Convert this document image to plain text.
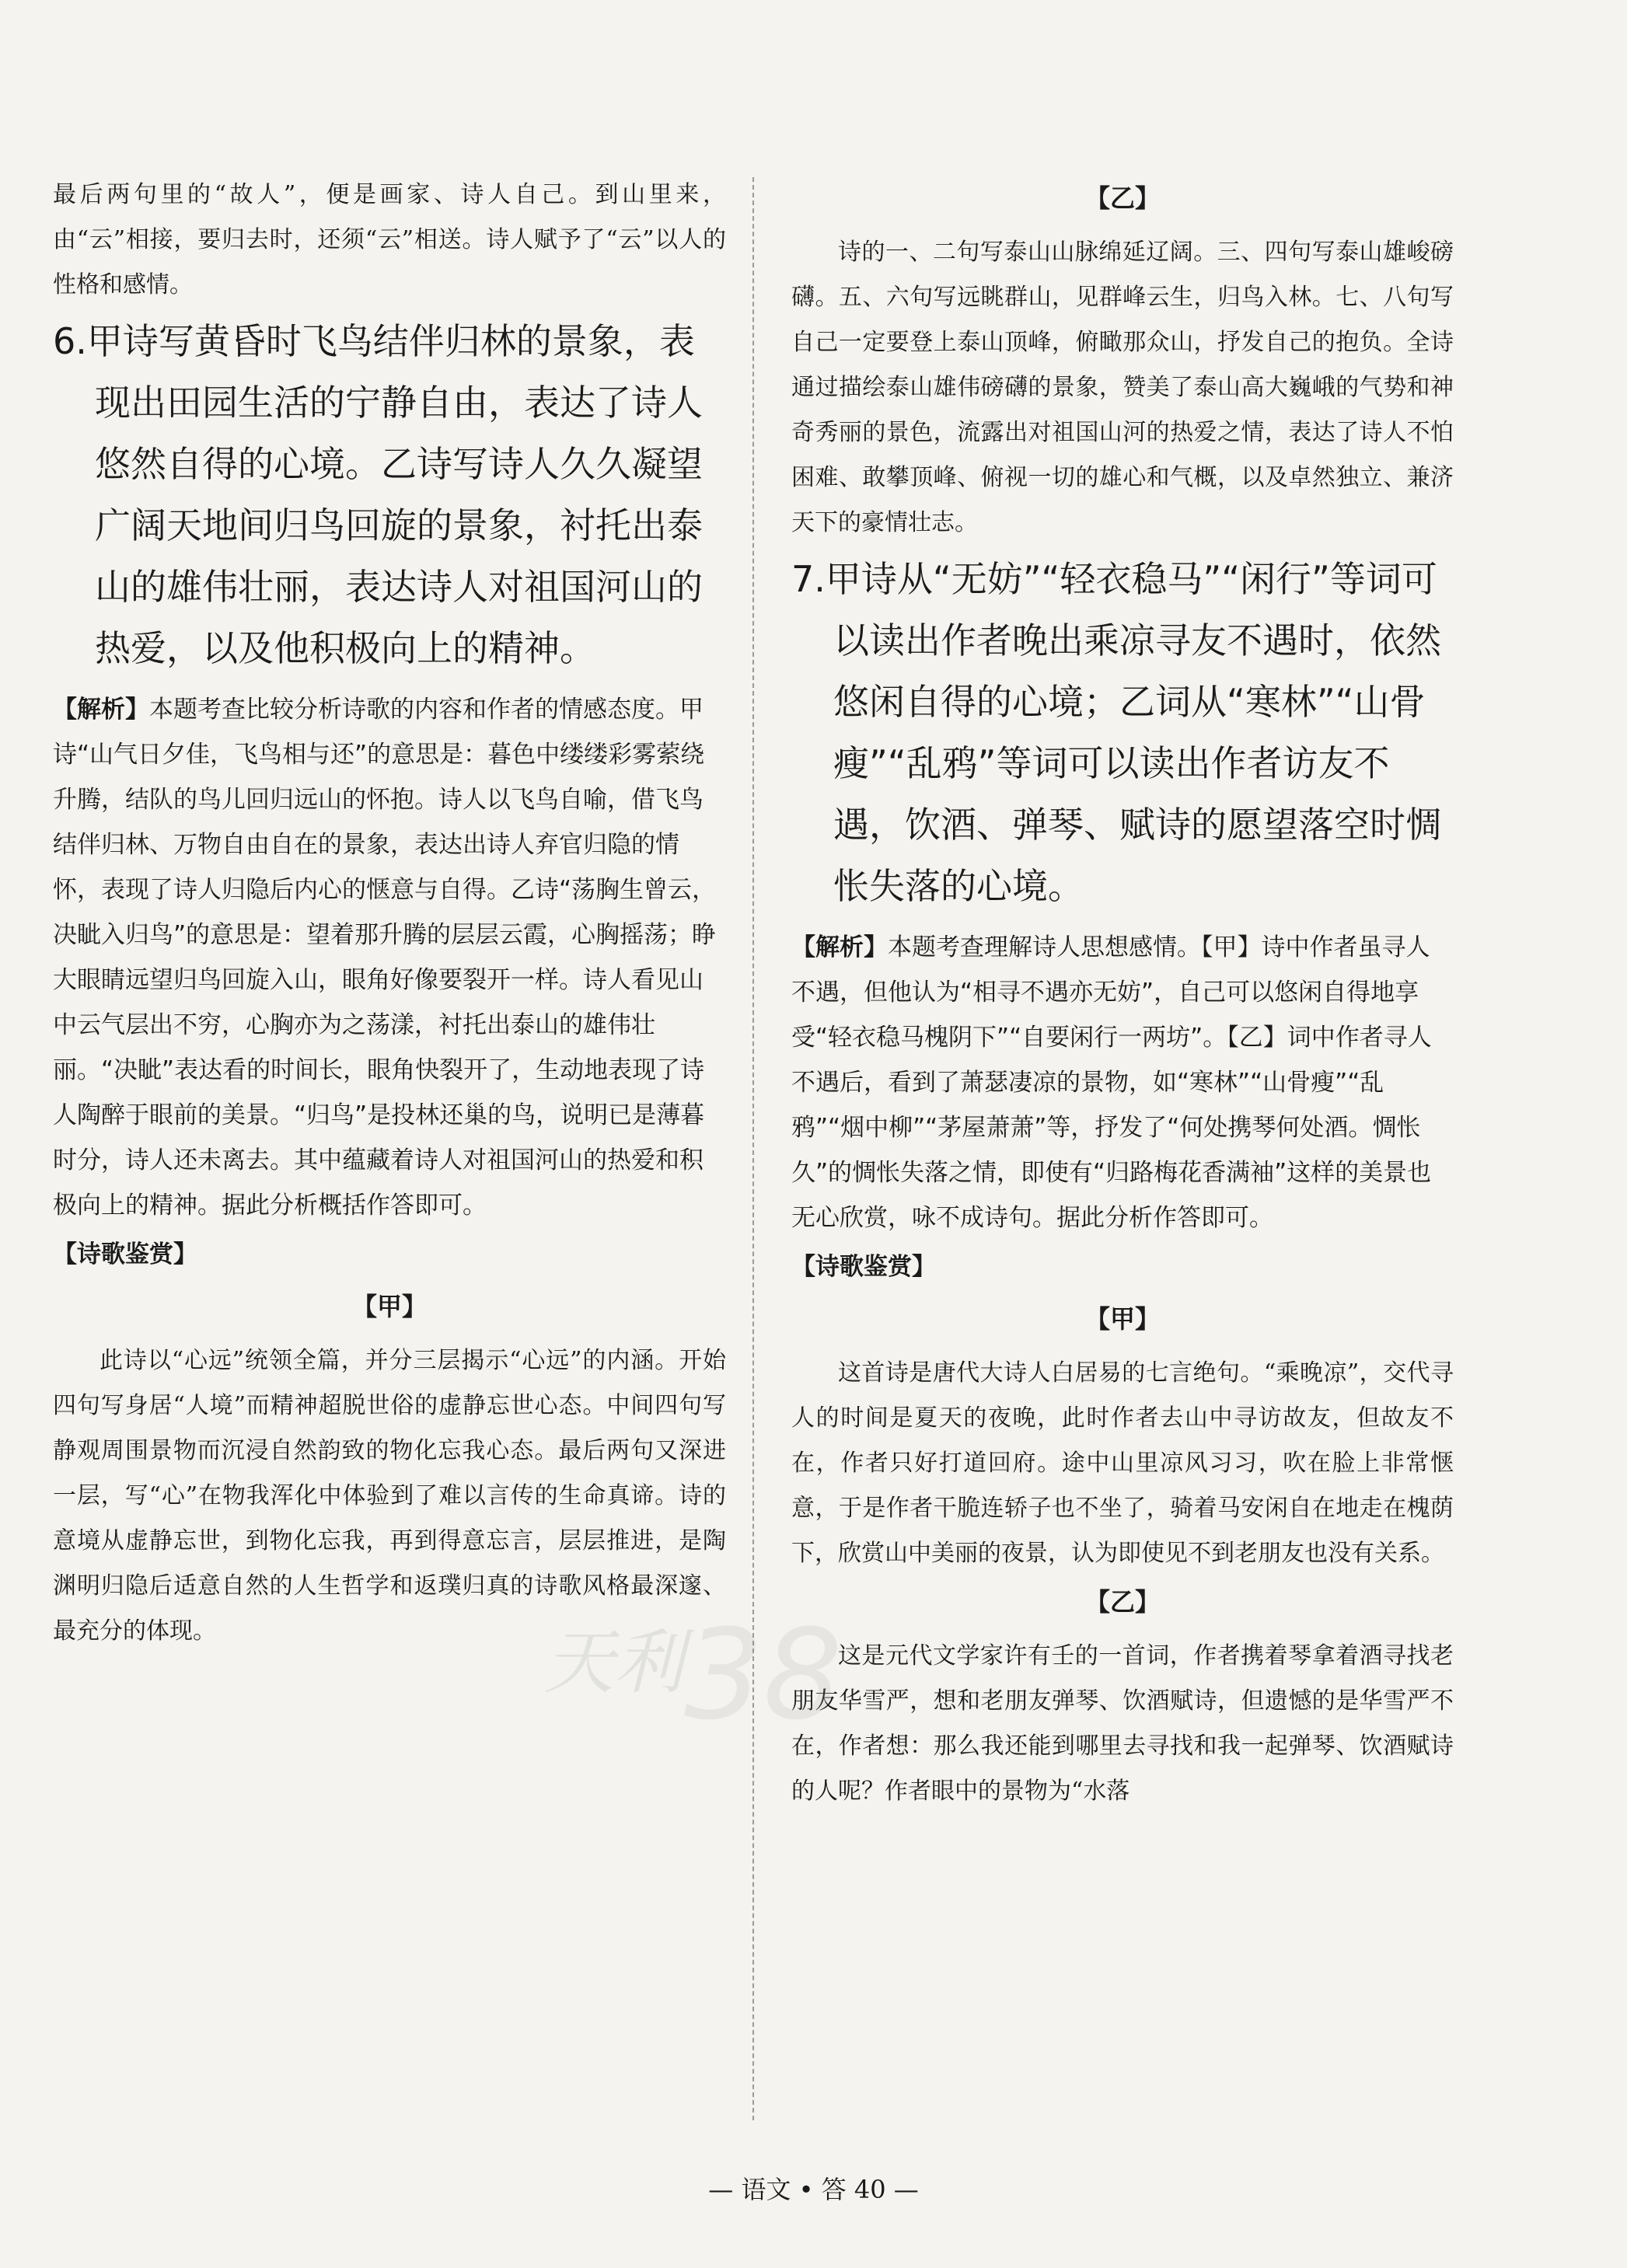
最后两句里的“故人”，便是画家、诗人自己。到山里来，由“云”相接，要归去时，还须“云”相送。诗人赋予了“云”以人的性格和感情。

6.甲诗写黄昏时飞鸟结伴归林的景象，表现出田园生活的宁静自由，表达了诗人悠然自得的心境。乙诗写诗人久久凝望广阔天地间归鸟回旋的景象，衬托出泰山的雄伟壮丽，表达诗人对祖国河山的热爱，以及他积极向上的精神。

【解析】本题考查比较分析诗歌的内容和作者的情感态度。甲诗“山气日夕佳，飞鸟相与还”的意思是：暮色中缕缕彩雾萦绕升腾，结队的鸟儿回归远山的怀抱。诗人以飞鸟自喻，借飞鸟结伴归林、万物自由自在的景象，表达出诗人弃官归隐的情怀，表现了诗人归隐后内心的惬意与自得。乙诗“荡胸生曾云，决眦入归鸟”的意思是：望着那升腾的层层云霞，心胸摇荡；睁大眼睛远望归鸟回旋入山，眼角好像要裂开一样。诗人看见山中云气层出不穷，心胸亦为之荡漾，衬托出泰山的雄伟壮丽。“决眦”表达看的时间长，眼角快裂开了，生动地表现了诗人陶醉于眼前的美景。“归鸟”是投林还巢的鸟，说明已是薄暮时分，诗人还未离去。其中蕴藏着诗人对祖国河山的热爱和积极向上的精神。据此分析概括作答即可。

【诗歌鉴赏】
【甲】

此诗以“心远”统领全篇，并分三层揭示“心远”的内涵。开始四句写身居“人境”而精神超脱世俗的虚静忘世心态。中间四句写静观周围景物而沉浸自然韵致的物化忘我心态。最后两句又深进一层，写“心”在物我浑化中体验到了难以言传的生命真谛。诗的意境从虚静忘世，到物化忘我，再到得意忘言，层层推进，是陶渊明归隐后适意自然的人生哲学和返璞归真的诗歌风格最深邃、最充分的体现。

【乙】

诗的一、二句写泰山山脉绵延辽阔。三、四句写泰山雄峻磅礴。五、六句写远眺群山，见群峰云生，归鸟入林。七、八句写自己一定要登上泰山顶峰，俯瞰那众山，抒发自己的抱负。全诗通过描绘泰山雄伟磅礴的景象，赞美了泰山高大巍峨的气势和神奇秀丽的景色，流露出对祖国山河的热爱之情，表达了诗人不怕困难、敢攀顶峰、俯视一切的雄心和气概，以及卓然独立、兼济天下的豪情壮志。

7.甲诗从“无妨”“轻衣稳马”“闲行”等词可以读出作者晚出乘凉寻友不遇时，依然悠闲自得的心境；乙词从“寒林”“山骨瘦”“乱鸦”等词可以读出作者访友不遇，饮酒、弹琴、赋诗的愿望落空时惆怅失落的心境。

【解析】本题考查理解诗人思想感情。【甲】诗中作者虽寻人不遇，但他认为“相寻不遇亦无妨”，自己可以悠闲自得地享受“轻衣稳马槐阴下”“自要闲行一两坊”。【乙】词中作者寻人不遇后，看到了萧瑟凄凉的景物，如“寒林”“山骨瘦”“乱鸦”“烟中柳”“茅屋萧萧”等，抒发了“何处携琴何处酒。惆怅久”的惆怅失落之情，即使有“归路梅花香满袖”这样的美景也无心欣赏，咏不成诗句。据此分析作答即可。

【诗歌鉴赏】
【甲】

这首诗是唐代大诗人白居易的七言绝句。“乘晚凉”，交代寻人的时间是夏天的夜晚，此时作者去山中寻访故友，但故友不在，作者只好打道回府。途中山里凉风习习，吹在脸上非常惬意，于是作者干脆连轿子也不坐了，骑着马安闲自在地走在槐荫下，欣赏山中美丽的夜景，认为即使见不到老朋友也没有关系。

【乙】

这是元代文学家许有壬的一首词，作者携着琴拿着酒寻找老朋友华雪严，想和老朋友弹琴、饮酒赋诗，但遗憾的是华雪严不在，作者想：那么我还能到哪里去寻找和我一起弹琴、饮酒赋诗的人呢？作者眼中的景物为“水落

天利 38
— 语文 • 答 40 —
